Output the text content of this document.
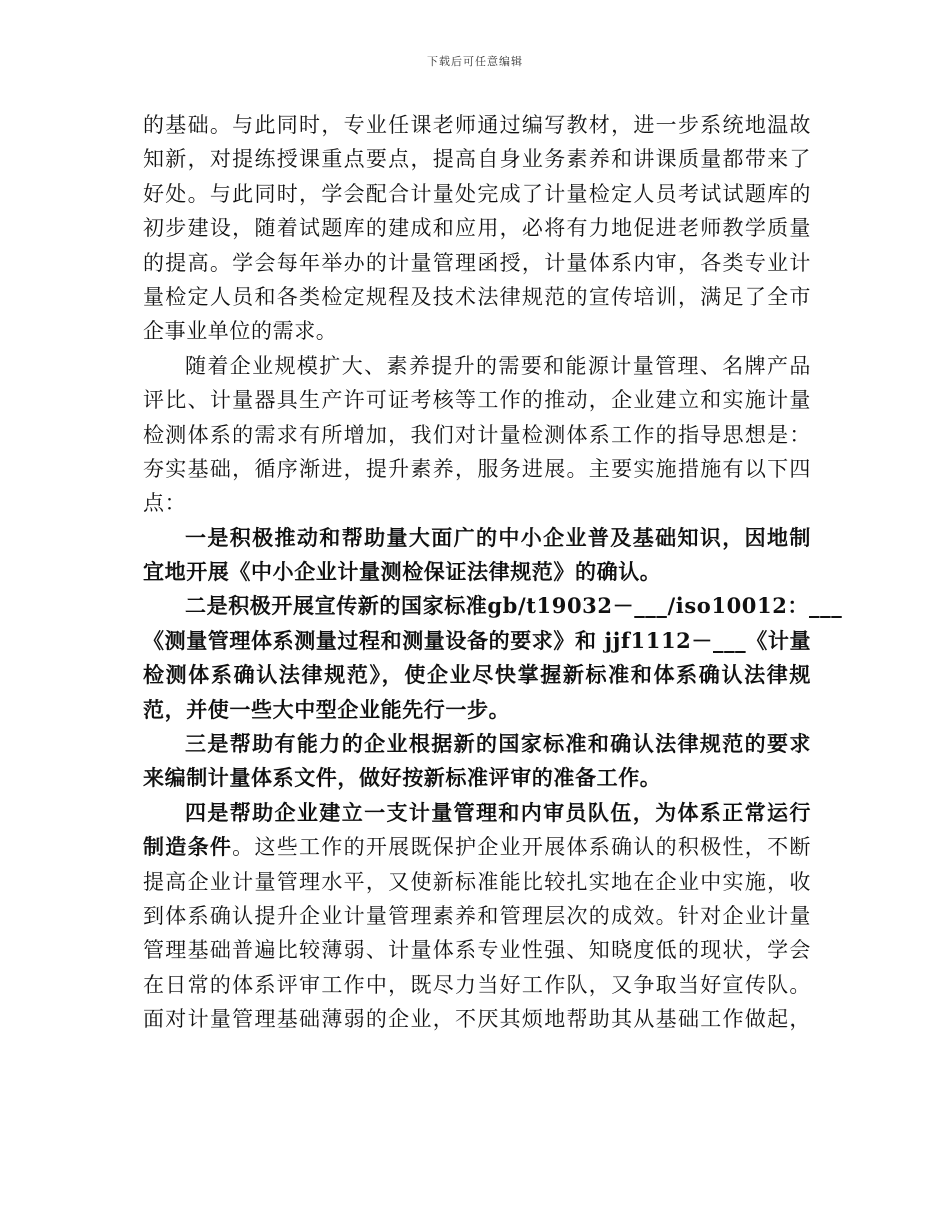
下载后可任意编辑
的基础。与此同时，专业任课老师通过编写教材，进一步系统地温故
知新，对提练授课重点要点，提高自身业务素养和讲课质量都带来了
好处。与此同时，学会配合计量处完成了计量检定人员考试试题库的
初步建设，随着试题库的建成和应用，必将有力地促进老师教学质量
的提高。学会每年举办的计量管理函授，计量体系内审，各类专业计
量检定人员和各类检定规程及技术法律规范的宣传培训，满足了全市
企事业单位的需求。
随着企业规模扩大、素养提升的需要和能源计量管理、名牌产品
评比、计量器具生产许可证考核等工作的推动，企业建立和实施计量
检测体系的需求有所增加，我们对计量检测体系工作的指导思想是：
夯实基础，循序渐进，提升素养，服务进展。主要实施措施有以下四
点：
一是积极推动和帮助量大面广的中小企业普及基础知识，因地制
宜地开展《中小企业计量测检保证法律规范》的确认。
二是积极开展宣传新的国家标准gb/t19032－___/iso10012：___
《测量管理体系测量过程和测量设备的要求》和 jjf1112－___《计量
检测体系确认法律规范》，使企业尽快掌握新标准和体系确认法律规
范，并使一些大中型企业能先行一步。
三是帮助有能力的企业根据新的国家标准和确认法律规范的要求
来编制计量体系文件，做好按新标准评审的准备工作。
四是帮助企业建立一支计量管理和内审员队伍，为体系正常运行
制造条件。这些工作的开展既保护企业开展体系确认的积极性，不断
提高企业计量管理水平，又使新标准能比较扎实地在企业中实施，收
到体系确认提升企业计量管理素养和管理层次的成效。针对企业计量
管理基础普遍比较薄弱、计量体系专业性强、知晓度低的现状，学会
在日常的体系评审工作中，既尽力当好工作队，又争取当好宣传队。
面对计量管理基础薄弱的企业，不厌其烦地帮助其从基础工作做起，
